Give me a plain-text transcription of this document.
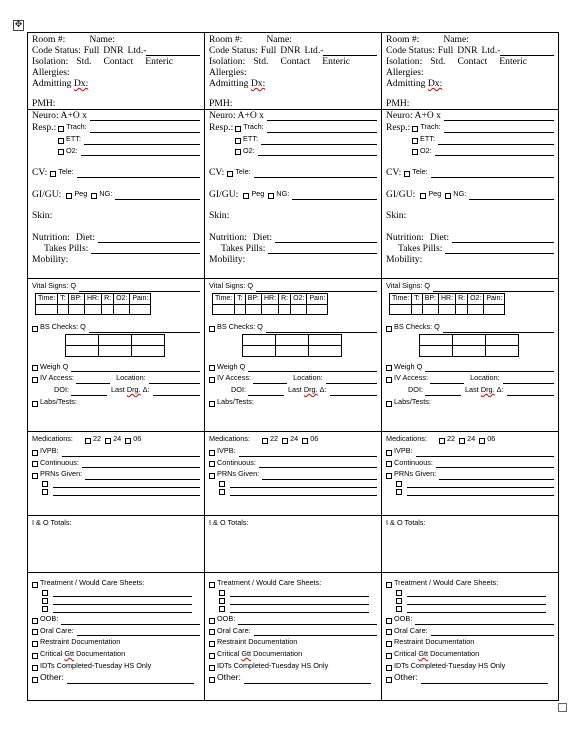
✥
Room #:	Name:
Code Status: Full DNR Ltd.-
Isolation: Std. Contact Enteric
Allergies:
Admitting Dx:
PMH:
Neuro: A+O x
Resp.: Trach:
ETT:
O2:
CV: Tele:
GI/GU: Peg NG:
Skin:
Nutrition: Diet:
Takes Pills:
Mobility:
Vital Signs: Q
Time:	T:	BP:	HR:	R:	O2:	Pain:

BS Checks: Q

Weigh Q
IV Access:	Location:
DOI:	Last Drg. Δ:
Labs/Tests:
Medications:	22 24 06
IVPB:
Continuous:
PRNs Given:
I & O Totals:
Treatment / Would Care Sheets:
OOB:
Oral Care:
Restraint Documentation
Critical Gtt Documentation
IDTs Completed-Tuesday HS Only
Other:
Room #:	Name:
Code Status: Full DNR Ltd.-
Isolation: Std. Contact Enteric
Allergies:
Admitting Dx:
PMH:
Neuro: A+O x
Resp.: Trach:
ETT:
O2:
CV: Tele:
GI/GU: Peg NG:
Skin:
Nutrition: Diet:
Takes Pills:
Mobility:
Vital Signs: Q
Time:	T:	BP:	HR:	R:	O2:	Pain:

BS Checks: Q

Weigh Q
IV Access:	Location:
DOI:	Last Drg. Δ:
Labs/Tests:
Medications:	22 24 06
IVPB:
Continuous:
PRNs Given:
I & O Totals:
Treatment / Would Care Sheets:
OOB:
Oral Care:
Restraint Documentation
Critical Gtt Documentation
IDTs Completed-Tuesday HS Only
Other:
Room #:	Name:
Code Status: Full DNR Ltd.-
Isolation: Std. Contact Enteric
Allergies:
Admitting Dx:
PMH:
Neuro: A+O x
Resp.: Trach:
ETT:
O2:
CV: Tele:
GI/GU: Peg NG:
Skin:
Nutrition: Diet:
Takes Pills:
Mobility:
Vital Signs: Q
Time:	T:	BP:	HR:	R:	O2:	Pain:

BS Checks: Q

Weigh Q
IV Access:	Location:
DOI:	Last Drg. Δ:
Labs/Tests:
Medications:	22 24 06
IVPB:
Continuous:
PRNs Given:
I & O Totals:
Treatment / Would Care Sheets:
OOB:
Oral Care:
Restraint Documentation
Critical Gtt Documentation
IDTs Completed-Tuesday HS Only
Other:
